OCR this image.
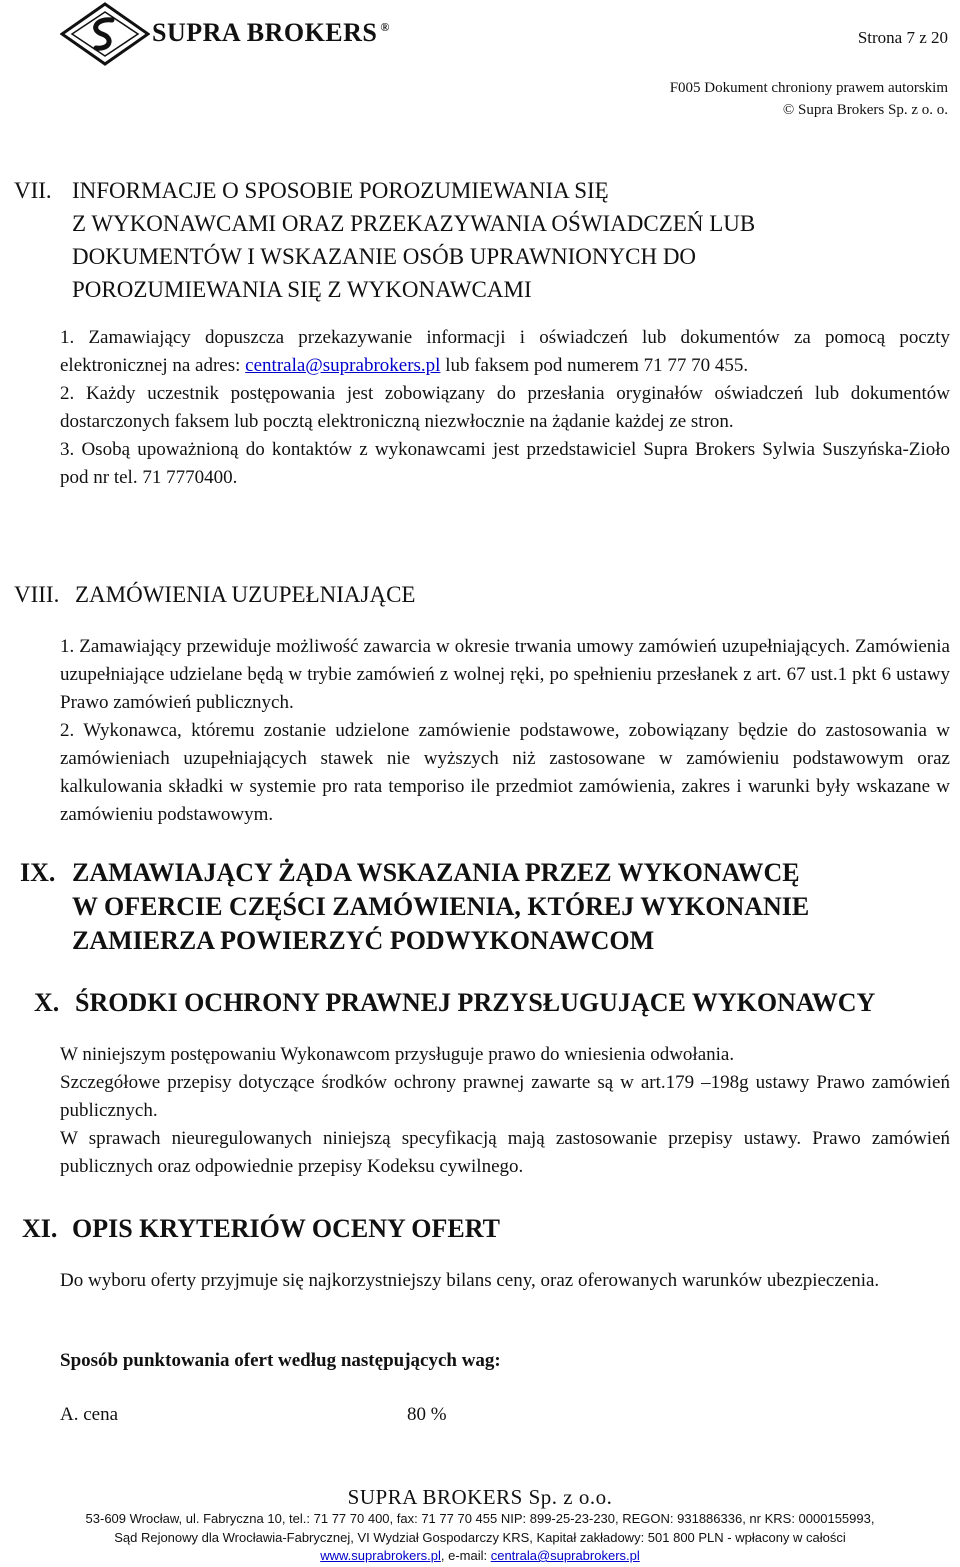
SUPRA BROKERS ®
Strona 7 z 20
F005 Dokument chroniony prawem autorskim
© Supra Brokers Sp. z o. o.
VII. INFORMACJE O SPOSOBIE POROZUMIEWANIA SIĘ
Z WYKONAWCAMI ORAZ PRZEKAZYWANIA OŚWIADCZEŃ LUB
DOKUMENTÓW I WSKAZANIE OSÓB UPRAWNIONYCH DO
POROZUMIEWANIA SIĘ Z WYKONAWCAMI

1. Zamawiający dopuszcza przekazywanie informacji i oświadczeń lub dokumentów za pomocą poczty elektronicznej na adres: centrala@suprabrokers.pl lub faksem pod numerem 71 77 70 455.

2. Każdy uczestnik postępowania jest zobowiązany do przesłania oryginałów oświadczeń lub dokumentów dostarczonych faksem lub pocztą elektroniczną niezwłocznie na żądanie każdej ze stron.

3. Osobą upoważnioną do kontaktów z wykonawcami jest przedstawiciel Supra Brokers Sylwia Suszyńska-Zioło pod nr tel. 71 7770400.

VIII. ZAMÓWIENIA UZUPEŁNIAJĄCE

1. Zamawiający przewiduje możliwość zawarcia w okresie trwania umowy zamówień uzupełniających. Zamówienia uzupełniające udzielane będą w trybie zamówień z wolnej ręki, po spełnieniu przesłanek z art. 67 ust.1 pkt 6 ustawy Prawo zamówień publicznych.

2. Wykonawca, któremu zostanie udzielone zamówienie podstawowe, zobowiązany będzie do zastosowania w zamówieniach uzupełniających stawek nie wyższych niż zastosowane w zamówieniu podstawowym oraz kalkulowania składki w systemie pro rata temporiso ile przedmiot zamówienia, zakres i warunki były wskazane w zamówieniu podstawowym.

IX. ZAMAWIAJĄCY ŻĄDA WSKAZANIA PRZEZ WYKONAWCĘ
W OFERCIE CZĘŚCI ZAMÓWIENIA, KTÓREJ WYKONANIE
ZAMIERZA POWIERZYĆ PODWYKONAWCOM
X. ŚRODKI OCHRONY PRAWNEJ PRZYSŁUGUJĄCE WYKONAWCY

W niniejszym postępowaniu Wykonawcom przysługuje prawo do wniesienia odwołania.

Szczegółowe przepisy dotyczące środków ochrony prawnej zawarte są w art.179 –198g ustawy Prawo zamówień publicznych.

W sprawach nieuregulowanych niniejszą specyfikacją mają zastosowanie przepisy ustawy. Prawo zamówień publicznych oraz odpowiednie przepisy Kodeksu cywilnego.

XI. OPIS KRYTERIÓW OCENY OFERT
Do wyboru oferty przyjmuje się najkorzystniejszy bilans ceny, oraz oferowanych warunków ubezpieczenia.
Sposób punktowania ofert według następujących wag:
A. cena	80 %
SUPRA BROKERS Sp. z o.o.
53-609 Wrocław, ul. Fabryczna 10, tel.: 71 77 70 400, fax: 71 77 70 455 NIP: 899-25-23-230, REGON: 931886336, nr KRS: 0000155993,
Sąd Rejonowy dla Wrocławia-Fabrycznej, VI Wydział Gospodarczy KRS, Kapitał zakładowy: 501 800 PLN - wpłacony w całości
www.suprabrokers.pl, e-mail: centrala@suprabrokers.pl
